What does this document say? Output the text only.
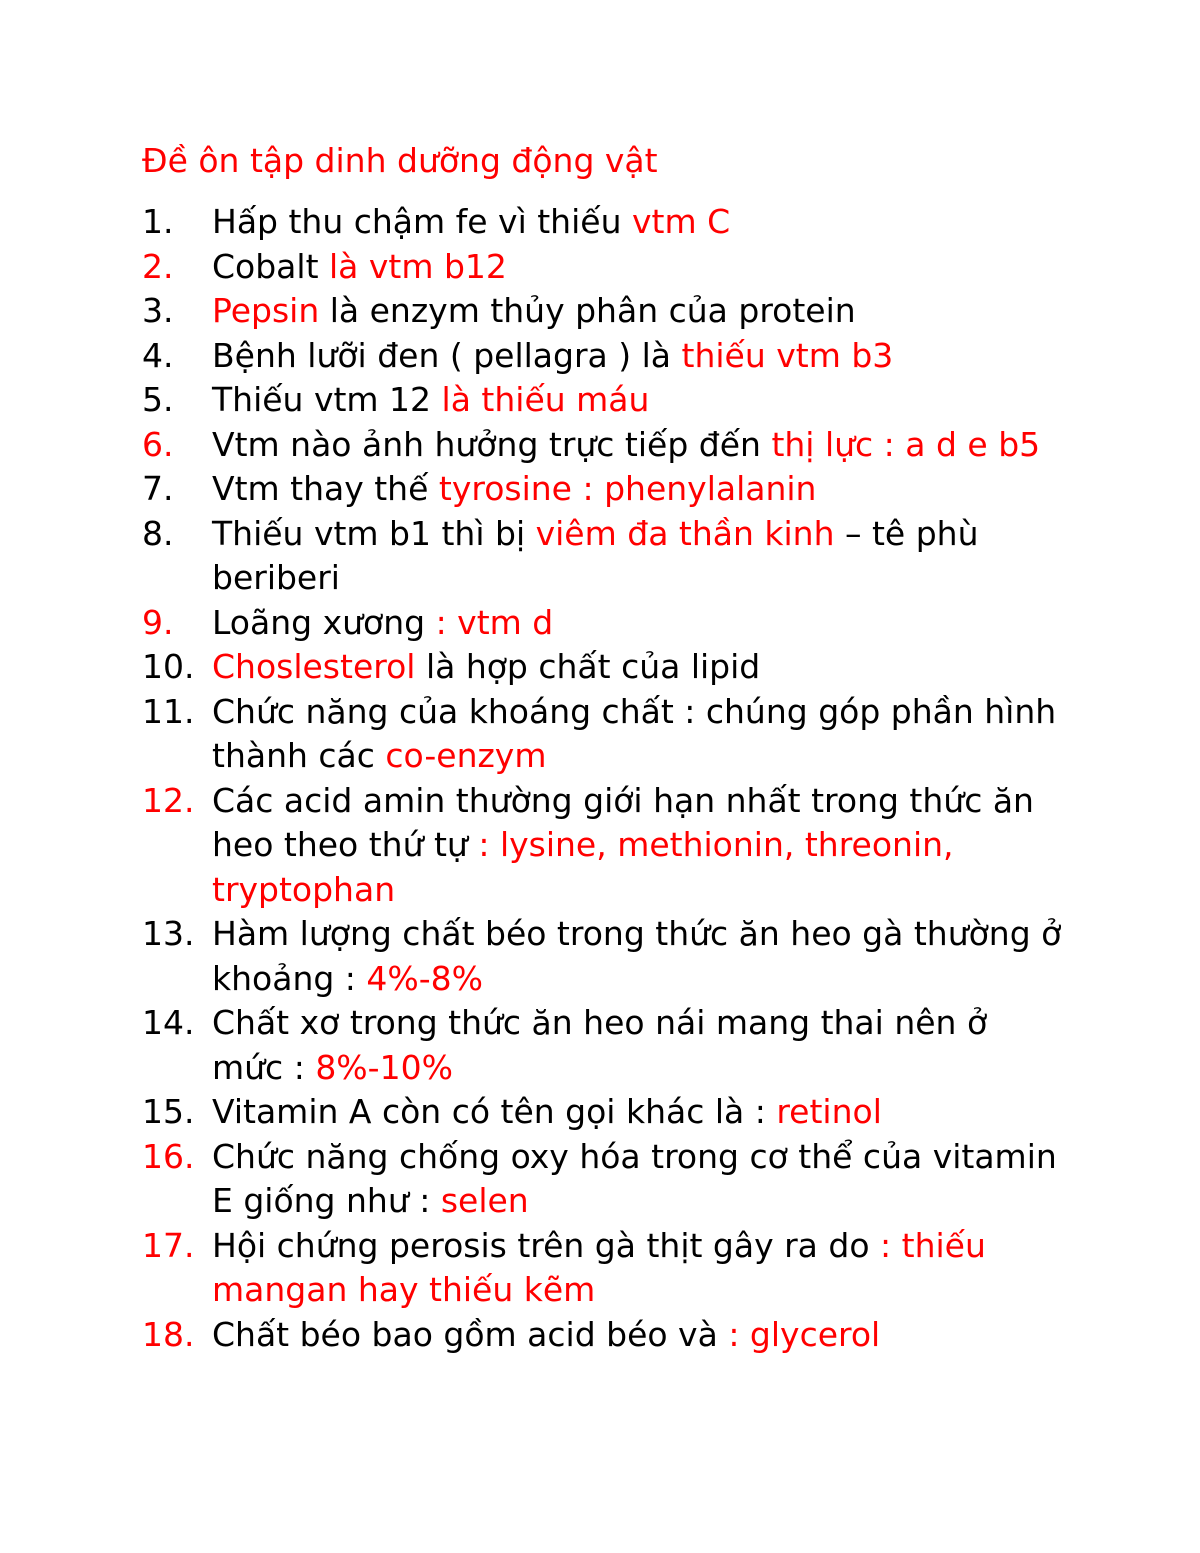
Đề ôn tập dinh dưỡng động vật
1.	Hấp thu chậm fe vì thiếu vtm C
2.	Cobalt là vtm b12
3.	Pepsin là enzym thủy phân của protein
4.	Bệnh lưỡi đen ( pellagra ) là thiếu vtm b3
5.	Thiếu vtm 12 là thiếu máu
6.	Vtm nào ảnh hưởng trực tiếp đến thị lực : a d e b5
7.	Vtm thay thế tyrosine : phenylalanin
8.	Thiếu vtm b1 thì bị viêm đa thần kinh – tê phù beriberi
9.	Loãng xương : vtm d
10. Choslesterol là hợp chất của lipid
11. Chức năng của khoáng chất : chúng góp phần hình thành các co-enzym
12. Các acid amin thường giới hạn nhất trong thức ăn heo theo thứ tự : lysine, methionin, threonin, tryptophan
13. Hàm lượng chất béo trong thức ăn heo gà thường ở khoảng : 4%-8%
14. Chất xơ trong thức ăn heo nái mang thai nên ở mức : 8%-10%
15. Vitamin A còn có tên gọi khác là : retinol
16. Chức năng chống oxy hóa trong cơ thể của vitamin E giống như : selen
17. Hội chứng perosis trên gà thịt gây ra do : thiếu mangan hay thiếu kẽm
18. Chất béo bao gồm acid béo và : glycerol
